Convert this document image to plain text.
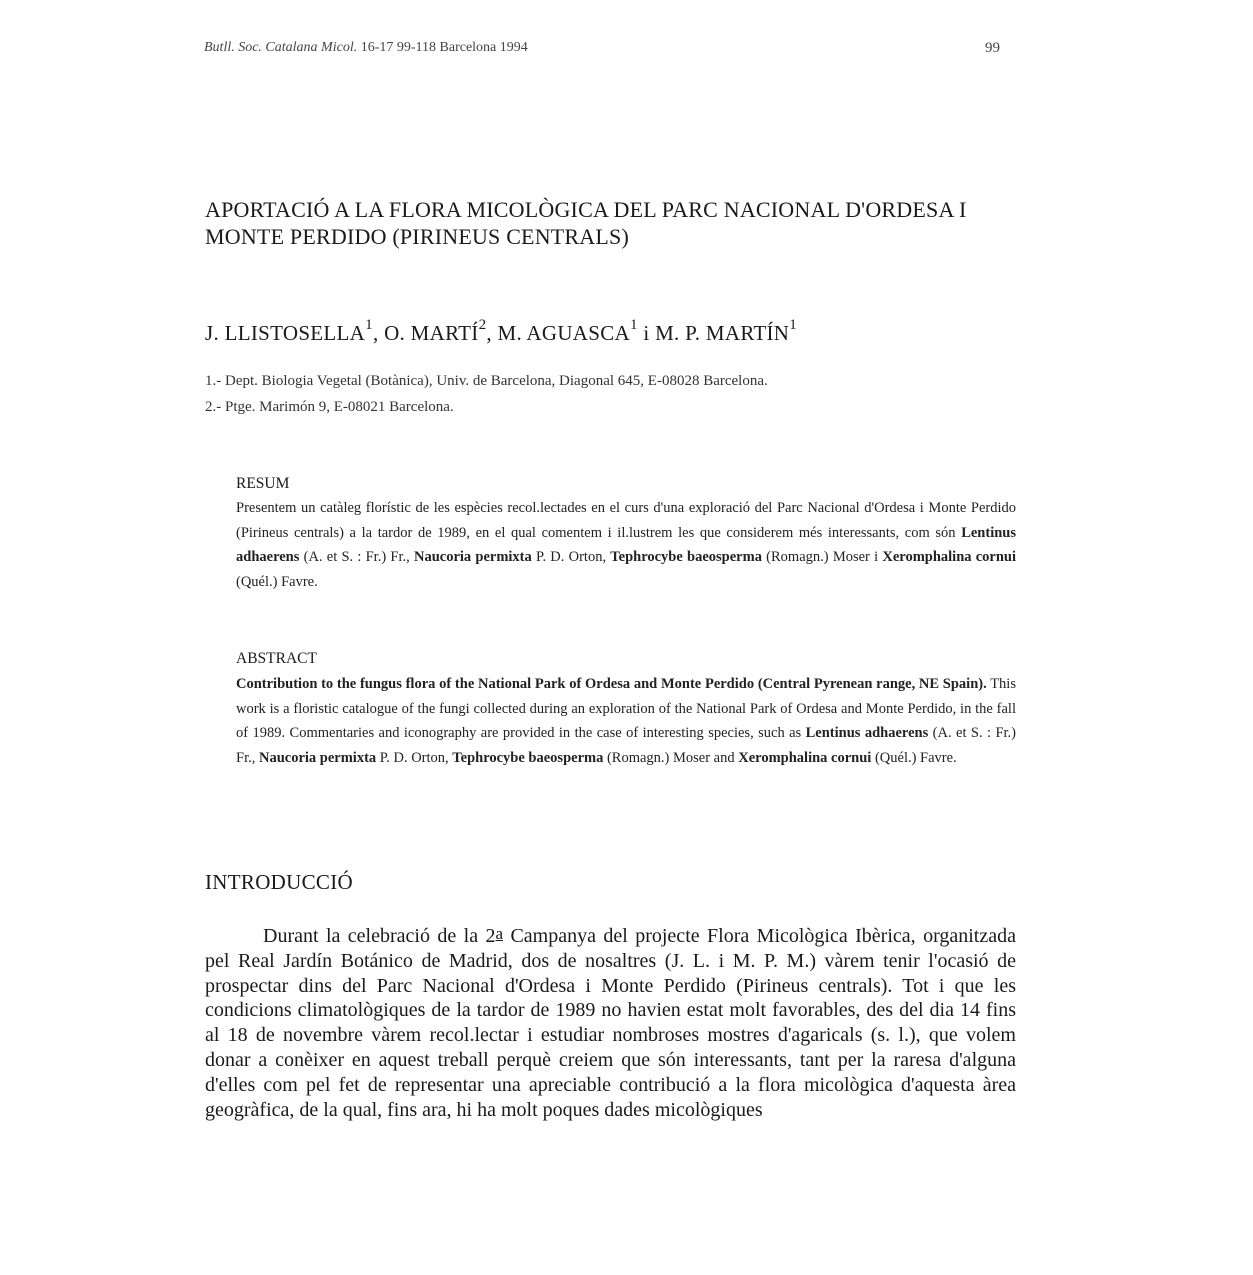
Butll. Soc. Catalana Micol. 16-17 99-118 Barcelona 1994	99
APORTACIÓ A LA FLORA MICOLÒGICA DEL PARC NACIONAL D'ORDESA I MONTE PERDIDO (PIRINEUS CENTRALS)
J. LLISTOSELLA$^1$, O. MARTÍ$^2$, M. AGUASCA$^1$ i M. P. MARTÍN$^1$
1.- Dept. Biologia Vegetal (Botànica), Univ. de Barcelona, Diagonal 645, E-08028 Barcelona.
2.- Ptge. Marimón 9, E-08021 Barcelona.
RESUM

Presentem un catàleg florístic de les espècies recol.lectades en el curs d'una exploració del Parc Nacional d'Ordesa i Monte Perdido (Pirineus centrals) a la tardor de 1989, en el qual comentem i il.lustrem les que considerem més interessants, com són Lentinus adhaerens (A. et S. : Fr.) Fr., Naucoria permixta P. D. Orton, Tephrocybe baeosperma (Romagn.) Moser i Xeromphalina cornui (Quél.) Favre.

ABSTRACT

Contribution to the fungus flora of the National Park of Ordesa and Monte Perdido (Central Pyrenean range, NE Spain). This work is a floristic catalogue of the fungi collected during an exploration of the National Park of Ordesa and Monte Perdido, in the fall of 1989. Commentaries and iconography are provided in the case of interesting species, such as Lentinus adhaerens (A. et S. : Fr.) Fr., Naucoria permixta P. D. Orton, Tephrocybe baeosperma (Romagn.) Moser and Xeromphalina cornui (Quél.) Favre.

INTRODUCCIÓ

Durant la celebració de la 2a Campanya del projecte Flora Micològica Ibèrica, organitzada pel Real Jardín Botánico de Madrid, dos de nosaltres (J. L. i M. P. M.) vàrem tenir l'ocasió de prospectar dins del Parc Nacional d'Ordesa i Monte Perdido (Pirineus centrals). Tot i que les condicions climatològiques de la tardor de 1989 no havien estat molt favorables, des del dia 14 fins al 18 de novembre vàrem recol.lectar i estudiar nombroses mostres d'agaricals (s. l.), que volem donar a conèixer en aquest treball perquè creiem que són interessants, tant per la raresa d'alguna d'elles com pel fet de representar una apreciable contribució a la flora micològica d'aquesta àrea geogràfica, de la qual, fins ara, hi ha molt poques dades micològiques
